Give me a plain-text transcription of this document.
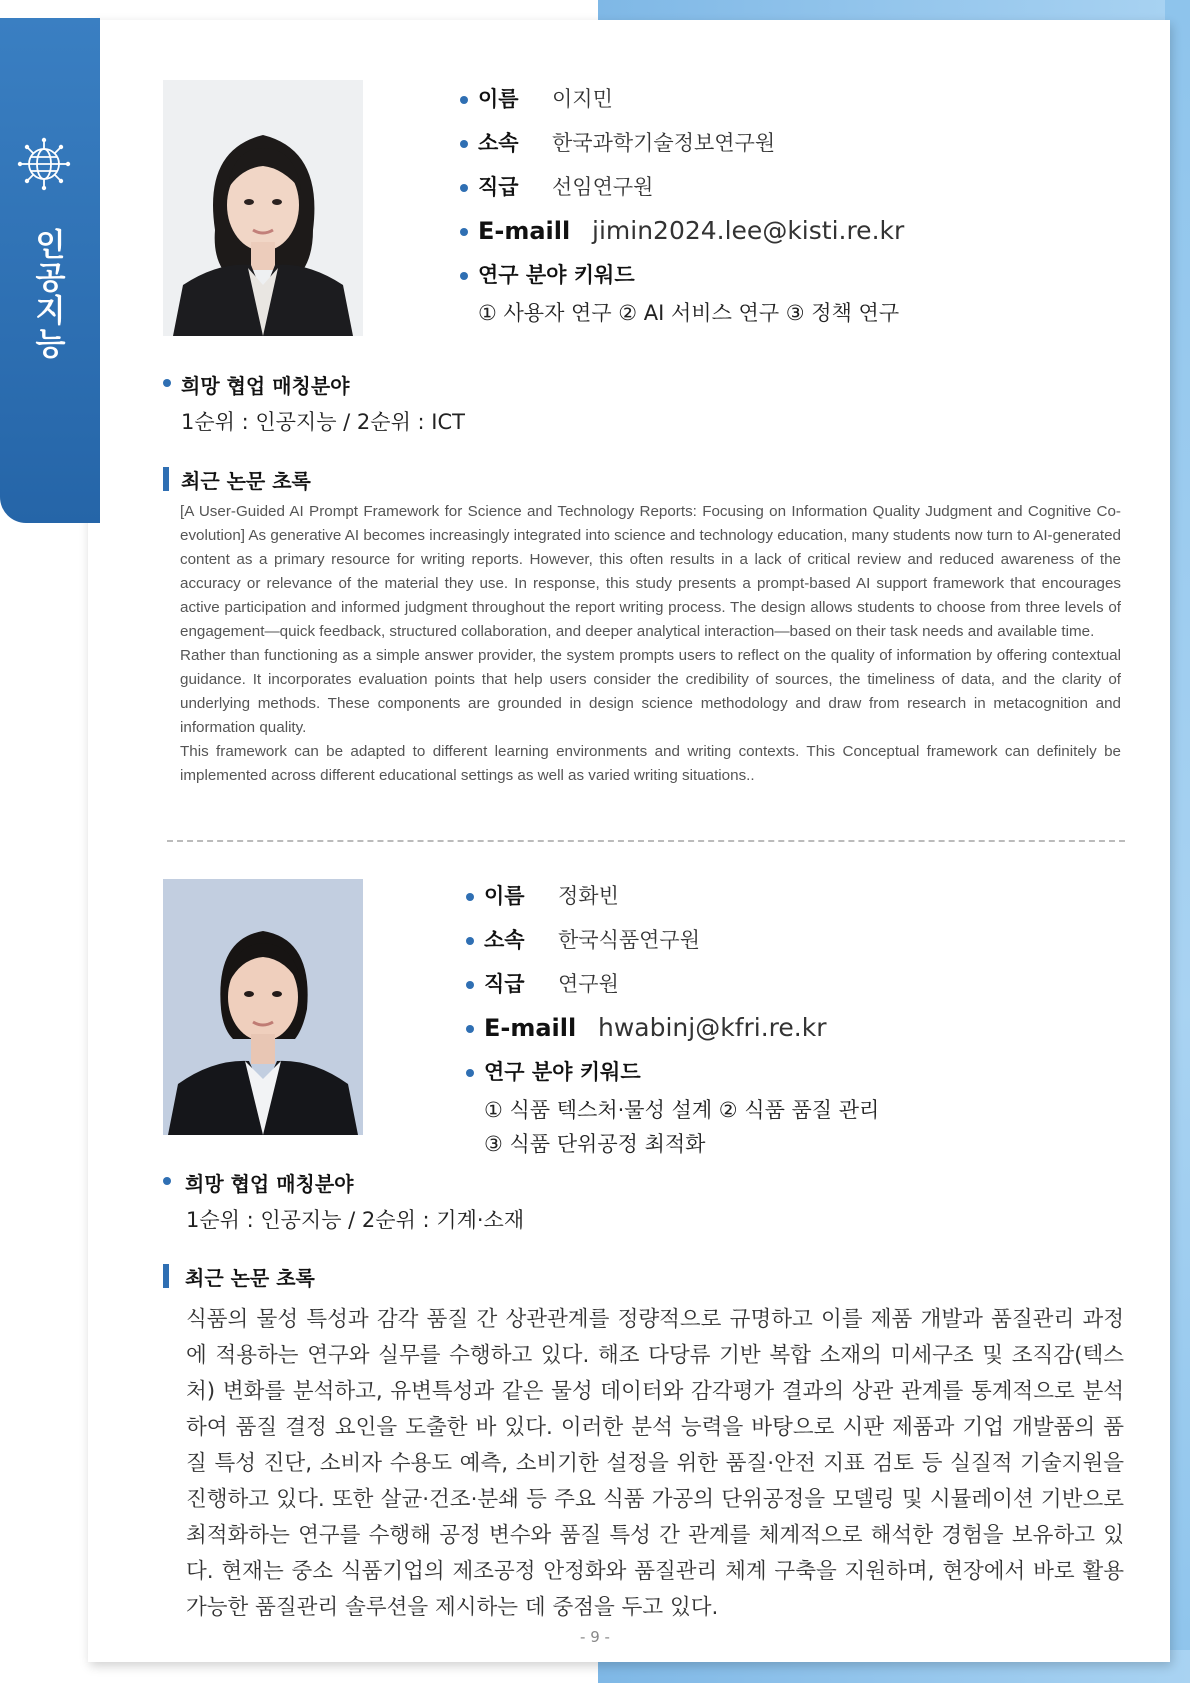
인공지능
이름 이지민
소속 한국과학기술정보연구원
직급 선임연구원
E-maill jimin2024.lee@kisti.re.kr
연구 분야 키워드
① 사용자 연구 ② AI 서비스 연구 ③ 정책 연구
희망 협업 매칭분야
1순위 : 인공지능 / 2순위 : ICT
최근 논문 초록

[A User-Guided AI Prompt Framework for Science and Technology Reports: Focusing on Information Quality Judgment and Cognitive Co-evolution] As generative AI becomes increasingly integrated into science and technology education, many students now turn to AI-generated content as a primary resource for writing reports. However, this often results in a lack of critical review and reduced awareness of the accuracy or relevance of the material they use. In response, this study presents a prompt-based AI support framework that encourages active participation and informed judgment throughout the report writing process. The design allows students to choose from three levels of engagement—quick feedback, structured collaboration, and deeper analytical interaction—based on their task needs and available time.

Rather than functioning as a simple answer provider, the system prompts users to reflect on the quality of information by offering contextual guidance. It incorporates evaluation points that help users consider the credibility of sources, the timeliness of data, and the clarity of underlying methods. These components are grounded in design science methodology and draw from research in metacognition and information quality.

This framework can be adapted to different learning environments and writing contexts. This Conceptual framework can definitely be implemented across different educational settings as well as varied writing situations..

이름 정화빈
소속 한국식품연구원
직급 연구원
E-maill hwabinj@kfri.re.kr
연구 분야 키워드
① 식품 텍스처·물성 설계 ② 식품 품질 관리
③ 식품 단위공정 최적화
희망 협업 매칭분야
1순위 : 인공지능 / 2순위 : 기계·소재
최근 논문 초록
식품의 물성 특성과 감각 품질 간 상관관계를 정량적으로 규명하고 이를 제품 개발과 품질관리 과정에 적용하는 연구와 실무를 수행하고 있다. 해조 다당류 기반 복합 소재의 미세구조 및 조직감(텍스처) 변화를 분석하고, 유변특성과 같은 물성 데이터와 감각평가 결과의 상관 관계를 통계적으로 분석하여 품질 결정 요인을 도출한 바 있다. 이러한 분석 능력을 바탕으로 시판 제품과 기업 개발품의 품질 특성 진단, 소비자 수용도 예측, 소비기한 설정을 위한 품질·안전 지표 검토 등 실질적 기술지원을 진행하고 있다. 또한 살균·건조·분쇄 등 주요 식품 가공의 단위공정을 모델링 및 시뮬레이션 기반으로 최적화하는 연구를 수행해 공정 변수와 품질 특성 간 관계를 체계적으로 해석한 경험을 보유하고 있다. 현재는 중소 식품기업의 제조공정 안정화와 품질관리 체계 구축을 지원하며, 현장에서 바로 활용 가능한 품질관리 솔루션을 제시하는 데 중점을 두고 있다.
- 9 -
